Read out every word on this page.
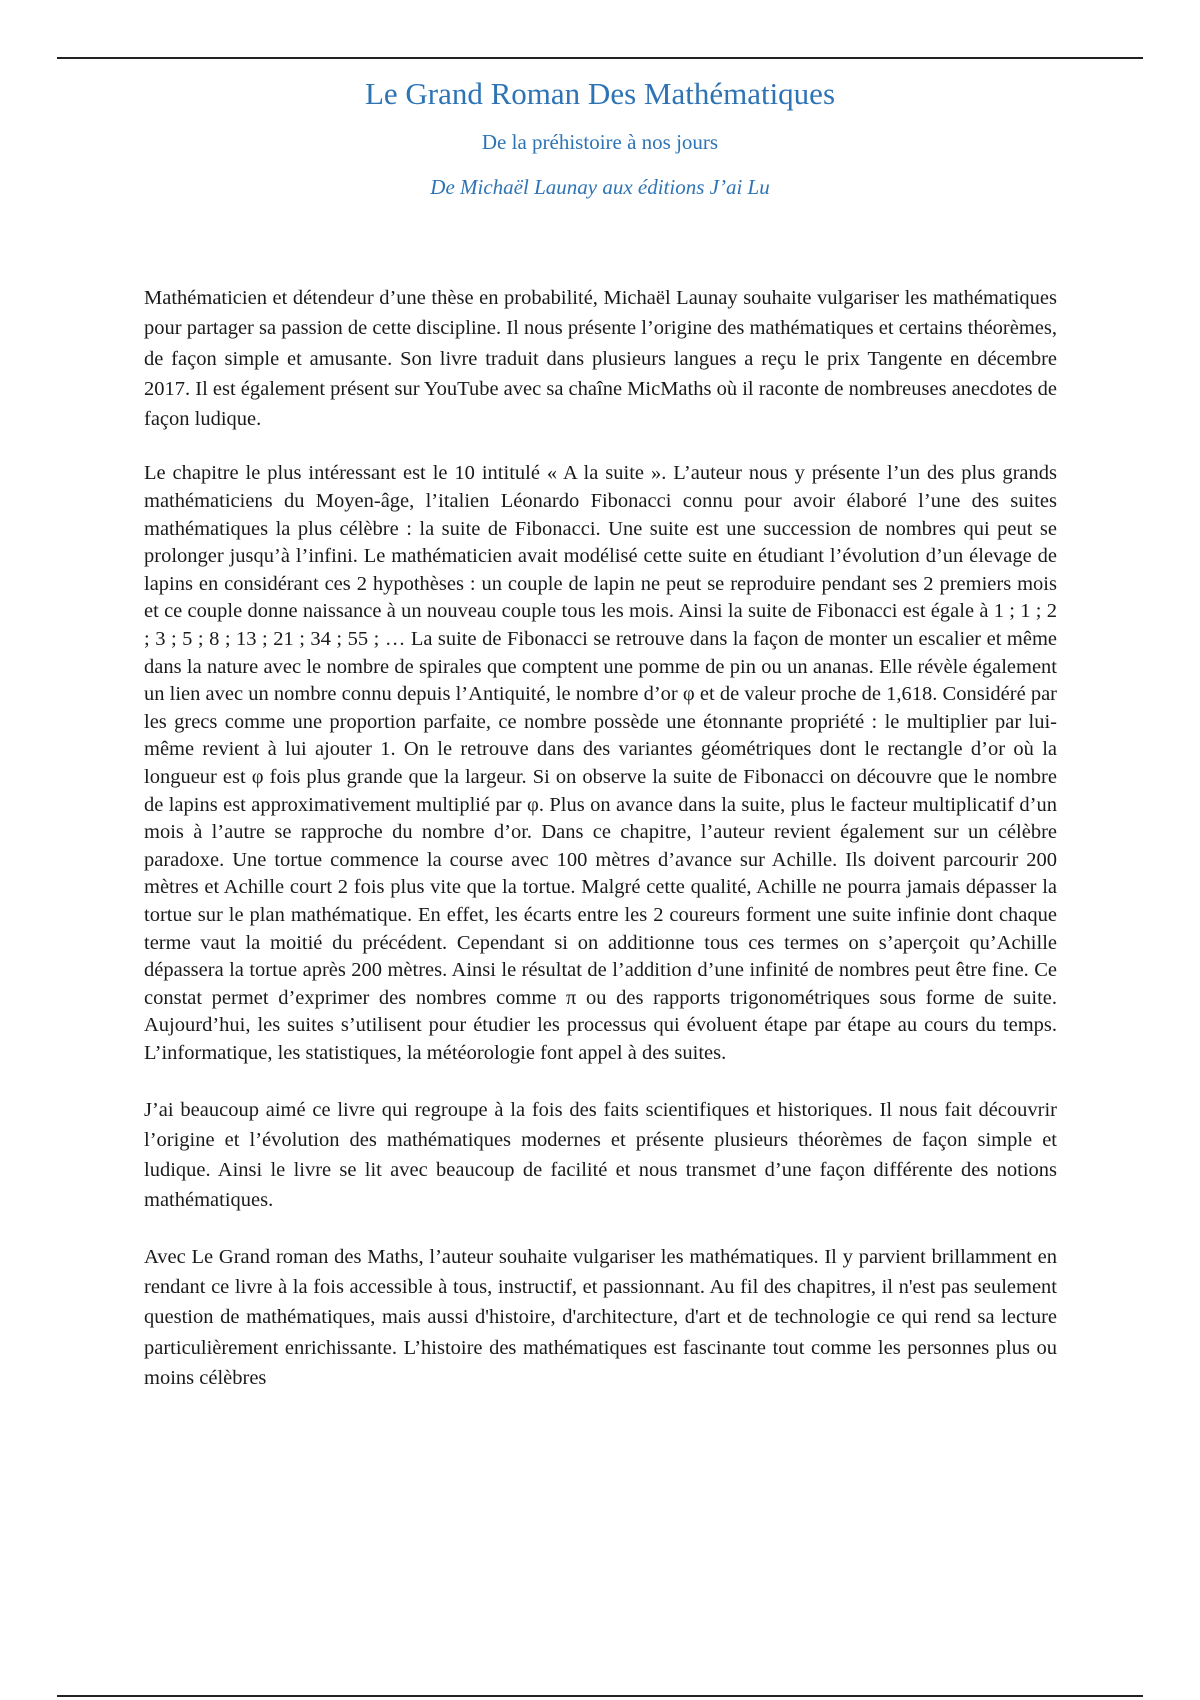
Le Grand Roman Des Mathématiques

De la préhistoire à nos jours

De Michaël Launay aux éditions J’ai Lu

Mathématicien et détendeur d’une thèse en probabilité, Michaël Launay souhaite vulgariser les mathématiques pour partager sa passion de cette discipline. Il nous présente l’origine des mathématiques et certains théorèmes, de façon simple et amusante. Son livre traduit dans plusieurs langues a reçu le prix Tangente en décembre 2017. Il est également présent sur YouTube avec sa chaîne MicMaths où il raconte de nombreuses anecdotes de façon ludique.

Le chapitre le plus intéressant est le 10 intitulé « A la suite ». L’auteur nous y présente l’un des plus grands mathématiciens du Moyen-âge, l’italien Léonardo Fibonacci connu pour avoir élaboré l’une des suites mathématiques la plus célèbre : la suite de Fibonacci. Une suite est une succession de nombres qui peut se prolonger jusqu’à l’infini. Le mathématicien avait modélisé cette suite en étudiant l’évolution d’un élevage de lapins en considérant ces 2 hypothèses : un couple de lapin ne peut se reproduire pendant ses 2 premiers mois et ce couple donne naissance à un nouveau couple tous les mois. Ainsi la suite de Fibonacci est égale à 1 ; 1 ; 2 ; 3 ; 5 ; 8 ; 13 ; 21 ; 34 ; 55 ; … La suite de Fibonacci se retrouve dans la façon de monter un escalier et même dans la nature avec le nombre de spirales que comptent une pomme de pin ou un ananas. Elle révèle également un lien avec un nombre connu depuis l’Antiquité, le nombre d’or φ et de valeur proche de 1,618. Considéré par les grecs comme une proportion parfaite, ce nombre possède une étonnante propriété : le multiplier par lui-même revient à lui ajouter 1. On le retrouve dans des variantes géométriques dont le rectangle d’or où la longueur est φ fois plus grande que la largeur. Si on observe la suite de Fibonacci on découvre que le nombre de lapins est approximativement multiplié par φ. Plus on avance dans la suite, plus le facteur multiplicatif d’un mois à l’autre se rapproche du nombre d’or. Dans ce chapitre, l’auteur revient également sur un célèbre paradoxe. Une tortue commence la course avec 100 mètres d’avance sur Achille. Ils doivent parcourir 200 mètres et Achille court 2 fois plus vite que la tortue. Malgré cette qualité, Achille ne pourra jamais dépasser la tortue sur le plan mathématique. En effet, les écarts entre les 2 coureurs forment une suite infinie dont chaque terme vaut la moitié du précédent. Cependant si on additionne tous ces termes on s’aperçoit qu’Achille dépassera la tortue après 200 mètres. Ainsi le résultat de l’addition d’une infinité de nombres peut être fine. Ce constat permet d’exprimer des nombres comme π ou des rapports trigonométriques sous forme de suite. Aujourd’hui, les suites s’utilisent pour étudier les processus qui évoluent étape par étape au cours du temps. L’informatique, les statistiques, la météorologie font appel à des suites.

J’ai beaucoup aimé ce livre qui regroupe à la fois des faits scientifiques et historiques. Il nous fait découvrir l’origine et l’évolution des mathématiques modernes et présente plusieurs théorèmes de façon simple et ludique. Ainsi le livre se lit avec beaucoup de facilité et nous transmet d’une façon différente des notions mathématiques.

Avec Le Grand roman des Maths, l’auteur souhaite vulgariser les mathématiques. Il y parvient brillamment en rendant ce livre à la fois accessible à tous, instructif, et passionnant. Au fil des chapitres, il n'est pas seulement question de mathématiques, mais aussi d'histoire, d'architecture, d'art et de technologie ce qui rend sa lecture particulièrement enrichissante. L’histoire des mathématiques est fascinante tout comme les personnes plus ou moins célèbres
